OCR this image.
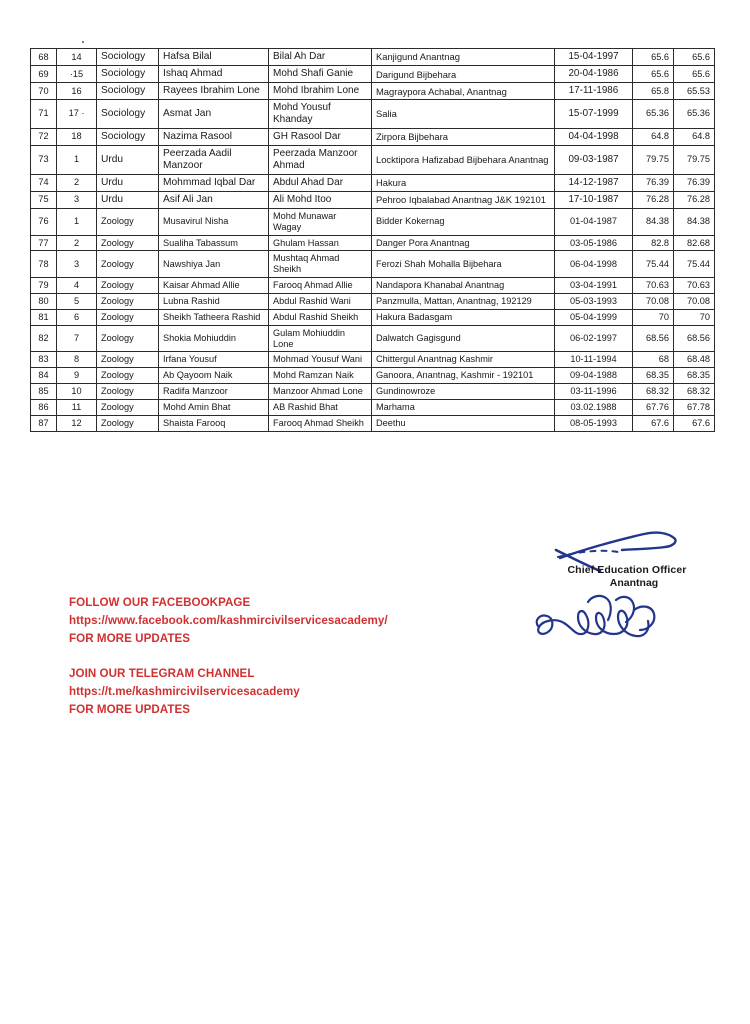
68	14	Sociology	Hafsa Bilal	Bilal Ah Dar	Kanjigund Anantnag	15-04-1997	65.6	65.6
69	·15	Sociology	Ishaq Ahmad	Mohd Shafi Ganie	Darigund Bijbehara	20-04-1986	65.6	65.6
70	16	Sociology	Rayees Ibrahim Lone	Mohd Ibrahim Lone	Magraypora Achabal, Anantnag	17-11-1986	65.8	65.53
71	17 ·	Sociology	Asmat Jan	Mohd Yousuf Khanday	Salia	15-07-1999	65.36	65.36
72	18	Sociology	Nazima Rasool	GH Rasool Dar	Zirpora Bijbehara	04-04-1998	64.8	64.8
73	1	Urdu	Peerzada Aadil Manzoor	Peerzada Manzoor Ahmad	Locktipora Hafizabad Bijbehara Anantnag	09-03-1987	79.75	79.75
74	2	Urdu	Mohmmad Iqbal Dar	Abdul Ahad Dar	Hakura	14-12-1987	76.39	76.39
75	3	Urdu	Asif Ali Jan	Ali Mohd Itoo	Pehroo Iqbalabad Anantnag J&K 192101	17-10-1987	76.28	76.28
76	1	Zoology	Musavirul Nisha	Mohd Munawar Wagay	Bidder Kokernag	01-04-1987	84.38	84.38
77	2	Zoology	Sualiha Tabassum	Ghulam Hassan	Danger Pora Anantnag	03-05-1986	82.8	82.68
78	3	Zoology	Nawshiya Jan	Mushtaq Ahmad Sheikh	Ferozi Shah Mohalla Bijbehara	06-04-1998	75.44	75.44
79	4	Zoology	Kaisar Ahmad Allie	Farooq Ahmad Allie	Nandapora Khanabal Anantnag	03-04-1991	70.63	70.63
80	5	Zoology	Lubna Rashid	Abdul Rashid Wani	Panzmulla, Mattan, Anantnag, 192129	05-03-1993	70.08	70.08
81	6	Zoology	Sheikh Tatheera Rashid	Abdul Rashid Sheikh	Hakura Badasgam	05-04-1999	70	70
82	7	Zoology	Shokia Mohiuddin	Gulam Mohiuddin Lone	Dalwatch Gagisgund	06-02-1997	68.56	68.56
83	8	Zoology	Irfana Yousuf	Mohmad Yousuf Wani	Chittergul Anantnag Kashmir	10-11-1994	68	68.48
84	9	Zoology	Ab Qayoom Naik	Mohd Ramzan Naik	Ganoora, Anantnag, Kashmir - 192101	09-04-1988	68.35	68.35
85	10	Zoology	Radifa Manzoor	Manzoor Ahmad Lone	Gundinowroze	03-11-1996	68.32	68.32
86	11	Zoology	Mohd Amin Bhat	AB Rashid Bhat	Marhama	03.02.1988	67.76	67.78
87	12	Zoology	Shaista Farooq	Farooq Ahmad Sheikh	Deethu	08-05-1993	67.6	67.6
Chief Education Officer
Anantnag
FOLLOW OUR FACEBOOKPAGE
https://www.facebook.com/kashmircivilservicesacademy/
FOR MORE UPDATES
JOIN OUR TELEGRAM CHANNEL
https://t.me/kashmircivilservicesacademy
FOR MORE UPDATES
